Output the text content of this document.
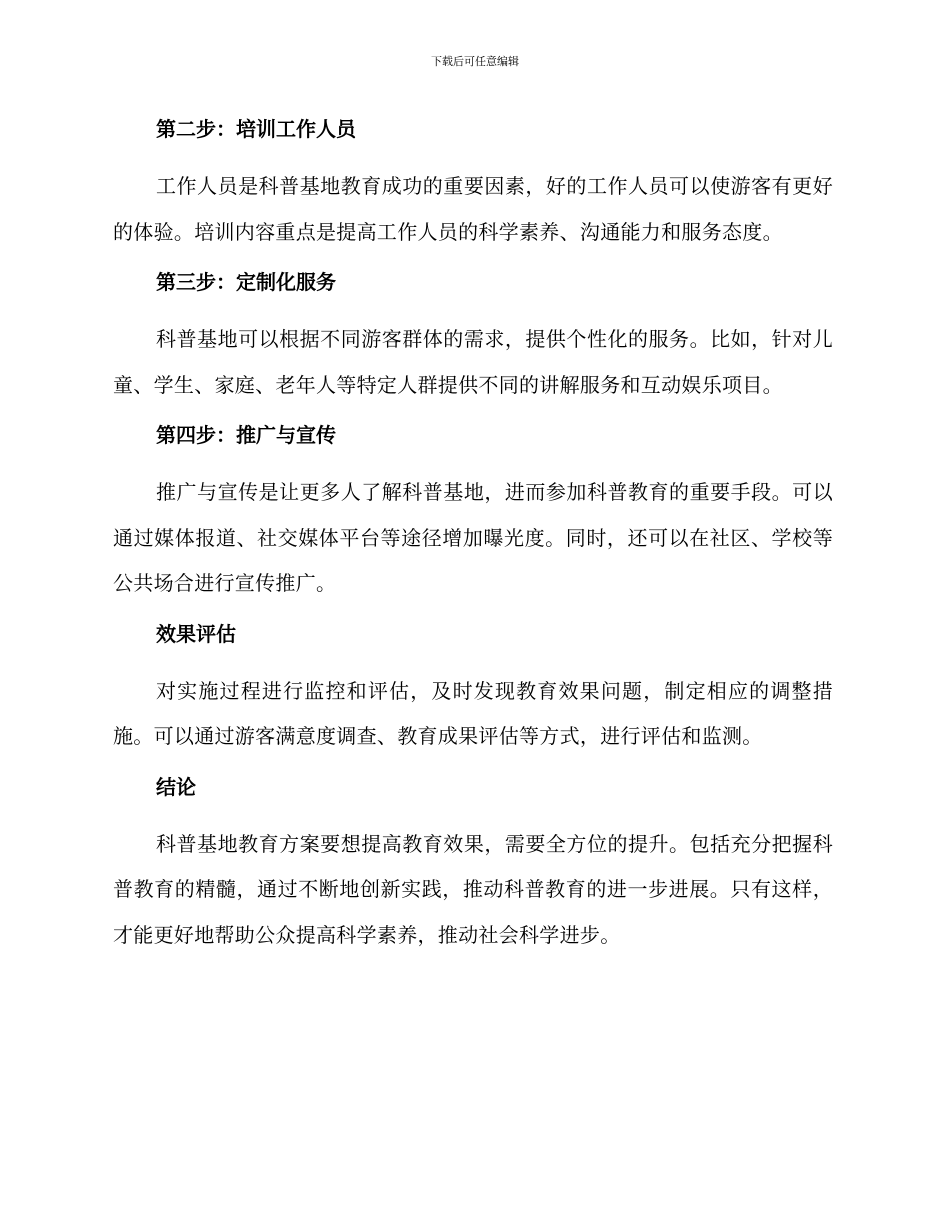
下载后可任意编辑
第二步：培训工作人员

工作人员是科普基地教育成功的重要因素，好的工作人员可以使游客有更好的体验。培训内容重点是提高工作人员的科学素养、沟通能力和服务态度。

第三步：定制化服务

科普基地可以根据不同游客群体的需求，提供个性化的服务。比如，针对儿童、学生、家庭、老年人等特定人群提供不同的讲解服务和互动娱乐项目。

第四步：推广与宣传

推广与宣传是让更多人了解科普基地，进而参加科普教育的重要手段。可以通过媒体报道、社交媒体平台等途径增加曝光度。同时，还可以在社区、学校等公共场合进行宣传推广。

效果评估

对实施过程进行监控和评估，及时发现教育效果问题，制定相应的调整措施。可以通过游客满意度调查、教育成果评估等方式，进行评估和监测。

结论

科普基地教育方案要想提高教育效果，需要全方位的提升。包括充分把握科普教育的精髓，通过不断地创新实践，推动科普教育的进一步进展。只有这样，才能更好地帮助公众提高科学素养，推动社会科学进步。
